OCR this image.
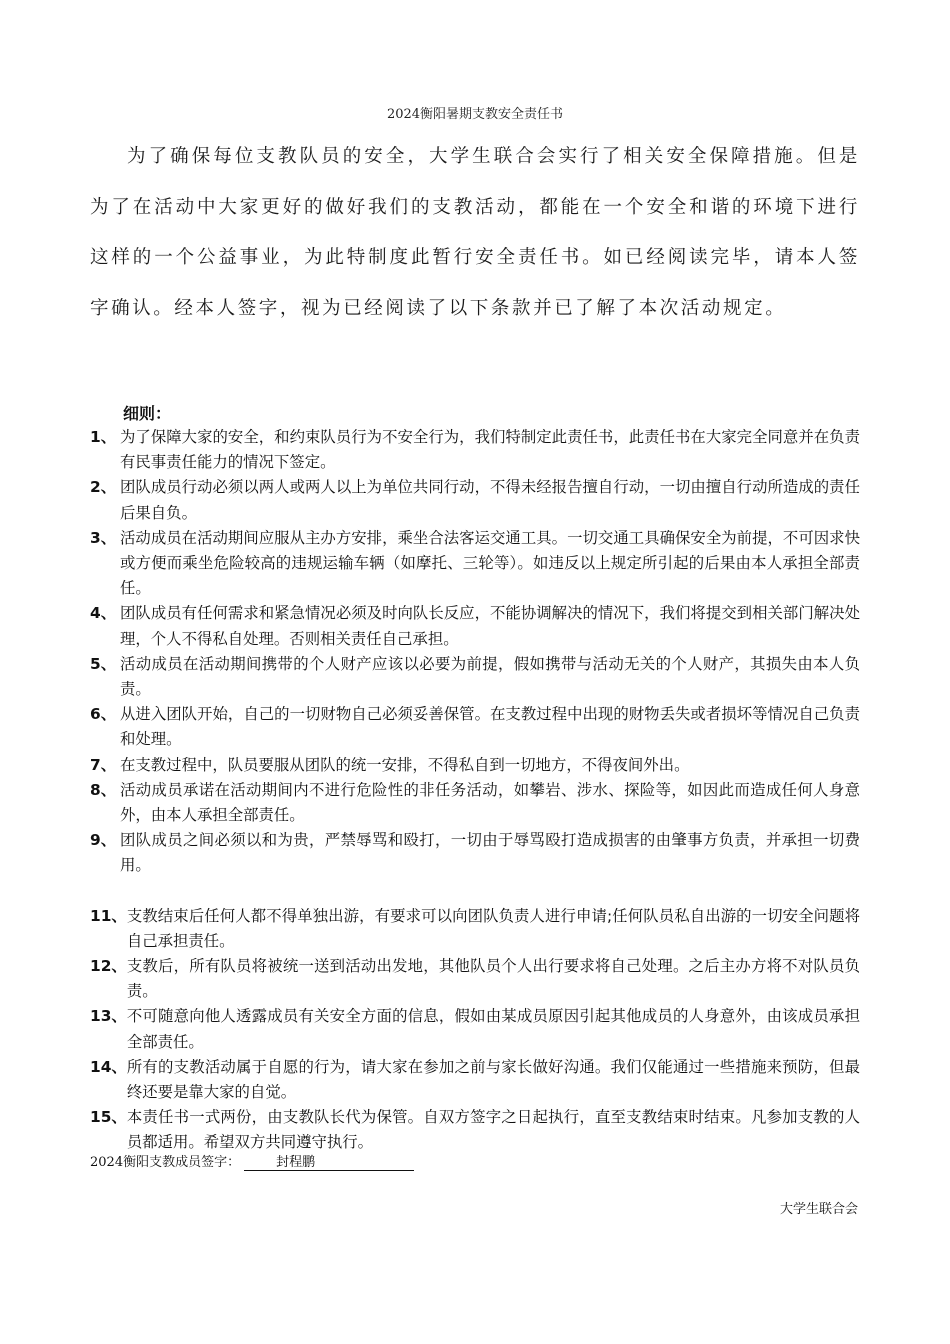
2024衡阳暑期支教安全责任书

为了确保每位支教队员的安全，大学生联合会实行了相关安全保障措施。但是为了在活动中大家更好的做好我们的支教活动，都能在一个安全和谐的环境下进行这样的一个公益事业，为此特制度此暂行安全责任书。如已经阅读完毕，请本人签字确认。经本人签字，视为已经阅读了以下条款并已了解了本次活动规定。

细则：
1、 为了保障大家的安全，和约束队员行为不安全行为，我们特制定此责任书，此责任书在大家完全同意并在负责有民事责任能力的情况下签定。
2、 团队成员行动必须以两人或两人以上为单位共同行动，不得未经报告擅自行动，一切由擅自行动所造成的责任后果自负。
3、 活动成员在活动期间应服从主办方安排，乘坐合法客运交通工具。一切交通工具确保安全为前提，不可因求快或方便而乘坐危险较高的违规运输车辆（如摩托、三轮等）。如违反以上规定所引起的后果由本人承担全部责任。
4、 团队成员有任何需求和紧急情况必须及时向队长反应，不能协调解决的情况下，我们将提交到相关部门解决处理，个人不得私自处理。否则相关责任自己承担。
5、 活动成员在活动期间携带的个人财产应该以必要为前提，假如携带与活动无关的个人财产，其损失由本人负责。
6、 从进入团队开始，自己的一切财物自己必须妥善保管。在支教过程中出现的财物丢失或者损坏等情况自己负责和处理。
7、 在支教过程中，队员要服从团队的统一安排，不得私自到一切地方，不得夜间外出。
8、 活动成员承诺在活动期间内不进行危险性的非任务活动，如攀岩、涉水、探险等，如因此而造成任何人身意外，由本人承担全部责任。
9、 团队成员之间必须以和为贵，严禁辱骂和殴打，一切由于辱骂殴打造成损害的由肇事方负责，并承担一切费用。
11、 支教结束后任何人都不得单独出游，有要求可以向团队负责人进行申请;任何队员私自出游的一切安全问题将自己承担责任。
12、 支教后，所有队员将被统一送到活动出发地，其他队员个人出行要求将自己处理。之后主办方将不对队员负责。
13、 不可随意向他人透露成员有关安全方面的信息，假如由某成员原因引起其他成员的人身意外，由该成员承担全部责任。
14、 所有的支教活动属于自愿的行为，请大家在参加之前与家长做好沟通。我们仅能通过一些措施来预防，但最终还要是靠大家的自觉。
15、 本责任书一式两份，由支教队长代为保管。自双方签字之日起执行，直至支教结束时结束。凡参加支教的人员都适用。希望双方共同遵守执行。
2024衡阳支教成员签字：	封程鹏
大学生联合会
